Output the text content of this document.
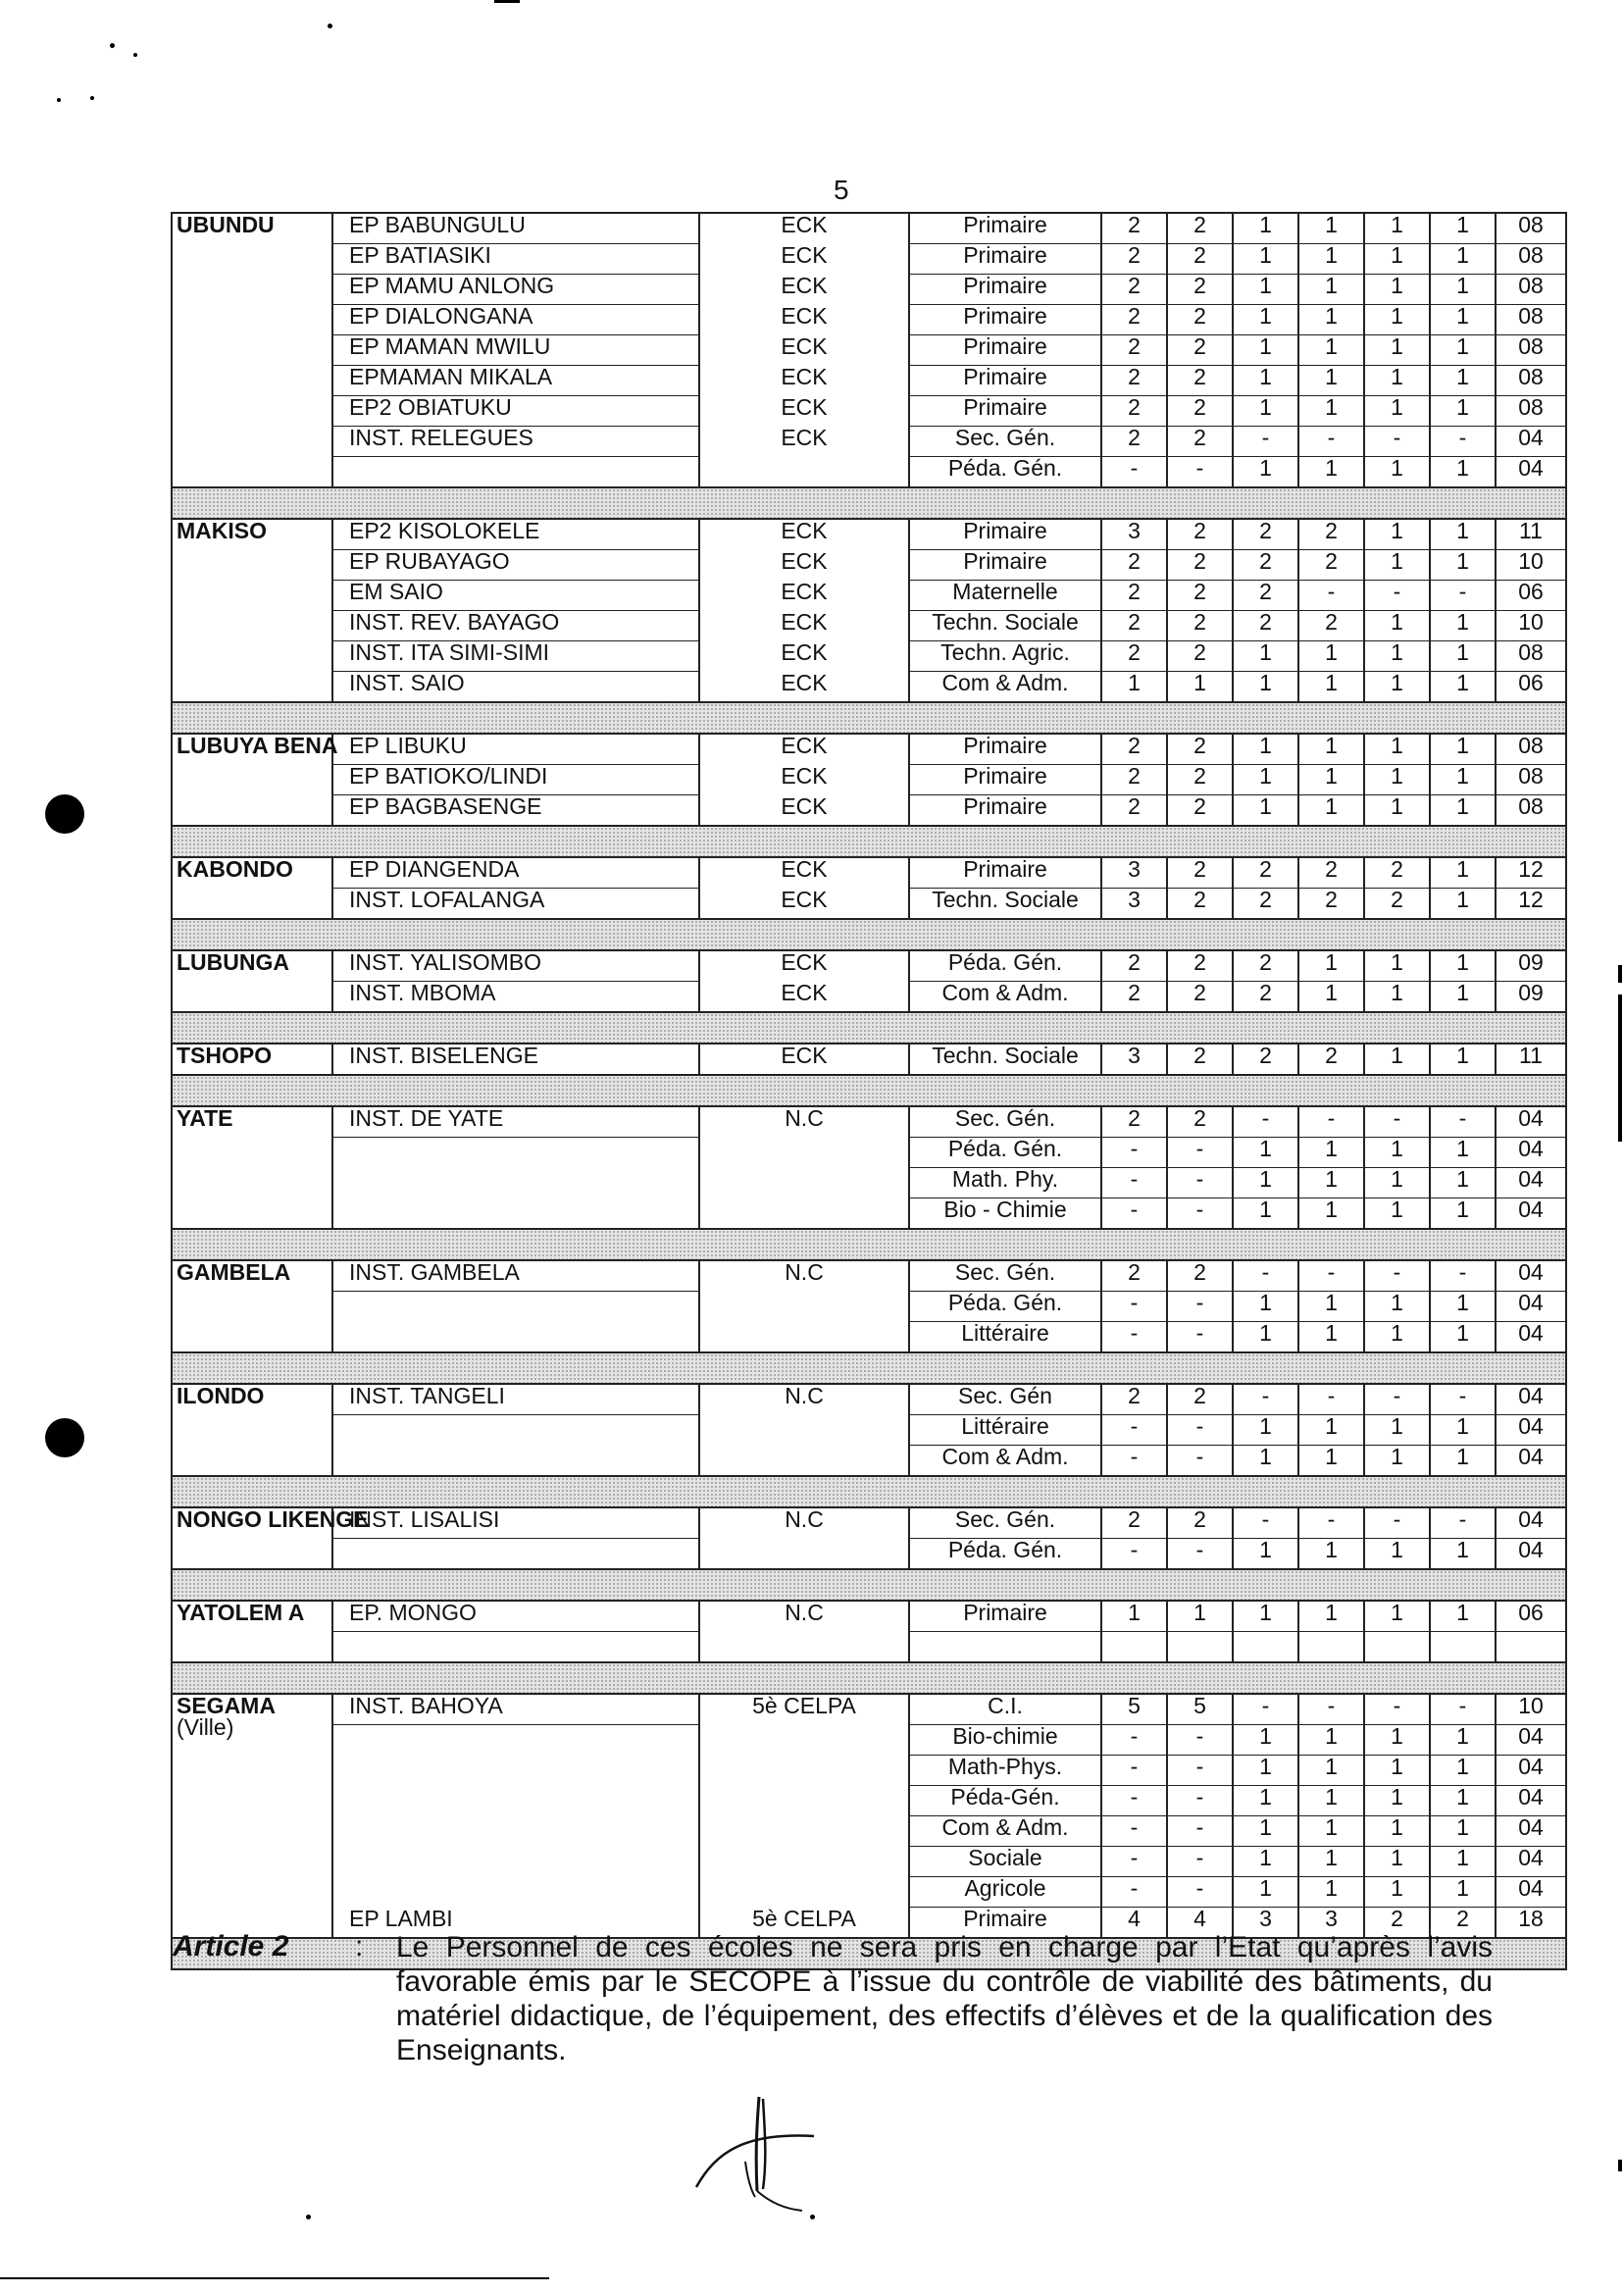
5
UBUNDU	EP BABUNGULU	ECK	Primaire	2	2	1	1	1	1	08
	EP BATIASIKI	ECK	Primaire	2	2	1	1	1	1	08
	EP MAMU ANLONG	ECK	Primaire	2	2	1	1	1	1	08
	EP DIALONGANA	ECK	Primaire	2	2	1	1	1	1	08
	EP MAMAN MWILU	ECK	Primaire	2	2	1	1	1	1	08
	EPMAMAN MIKALA	ECK	Primaire	2	2	1	1	1	1	08
	EP2 OBIATUKU	ECK	Primaire	2	2	1	1	1	1	08
	INST. RELEGUES	ECK	Sec. Gén.	2	2	-	-	-	-	04
			Péda. Gén.	-	-	1	1	1	1	04

MAKISO	EP2 KISOLOKELE	ECK	Primaire	3	2	2	2	1	1	11
	EP RUBAYAGO	ECK	Primaire	2	2	2	2	1	1	10
	EM SAIO	ECK	Maternelle	2	2	2	-	-	-	06
	INST. REV. BAYAGO	ECK	Techn. Sociale	2	2	2	2	1	1	10
	INST. ITA SIMI-SIMI	ECK	Techn. Agric.	2	2	1	1	1	1	08
	INST. SAIO	ECK	Com & Adm.	1	1	1	1	1	1	06

LUBUYA BENA	EP LIBUKU	ECK	Primaire	2	2	1	1	1	1	08
	EP BATIOKO/LINDI	ECK	Primaire	2	2	1	1	1	1	08
	EP BAGBASENGE	ECK	Primaire	2	2	1	1	1	1	08

KABONDO	EP DIANGENDA	ECK	Primaire	3	2	2	2	2	1	12
	INST. LOFALANGA	ECK	Techn. Sociale	3	2	2	2	2	1	12

LUBUNGA	INST. YALISOMBO	ECK	Péda. Gén.	2	2	2	1	1	1	09
	INST. MBOMA	ECK	Com & Adm.	2	2	2	1	1	1	09

TSHOPO	INST. BISELENGE	ECK	Techn. Sociale	3	2	2	2	1	1	11

YATE	INST. DE YATE	N.C	Sec. Gén.	2	2	-	-	-	-	04
			Péda. Gén.	-	-	1	1	1	1	04
			Math. Phy.	-	-	1	1	1	1	04
			Bio - Chimie	-	-	1	1	1	1	04

GAMBELA	INST. GAMBELA	N.C	Sec. Gén.	2	2	-	-	-	-	04
			Péda. Gén.	-	-	1	1	1	1	04
			Littéraire	-	-	1	1	1	1	04

ILONDO	INST. TANGELI	N.C	Sec. Gén	2	2	-	-	-	-	04
			Littéraire	-	-	1	1	1	1	04
			Com & Adm.	-	-	1	1	1	1	04

NONGO LIKENGE	INST. LISALISI	N.C	Sec. Gén.	2	2	-	-	-	-	04
			Péda. Gén.	-	-	1	1	1	1	04

YATOLEM A	EP. MONGO	N.C	Primaire	1	1	1	1	1	1	06

SEGAMA
(Ville)	INST. BAHOYA	5è CELPA	C.I.	5	5	-	-	-	-	10
			Bio-chimie	-	-	1	1	1	1	04
			Math-Phys.	-	-	1	1	1	1	04
			Péda-Gén.	-	-	1	1	1	1	04
			Com & Adm.	-	-	1	1	1	1	04
			Sociale	-	-	1	1	1	1	04
			Agricole	-	-	1	1	1	1	04
	EP LAMBI	5è CELPA	Primaire	4	4	3	3	2	2	18

Article 2 : Le Personnel de ces écoles ne sera pris en charge par l’Etat qu’après l’avis favorable émis par le SECOPE à l’issue du contrôle de viabilité des bâtiments, du matériel didactique, de l’équipement, des effectifs d’élèves et de la qualification des Enseignants.
